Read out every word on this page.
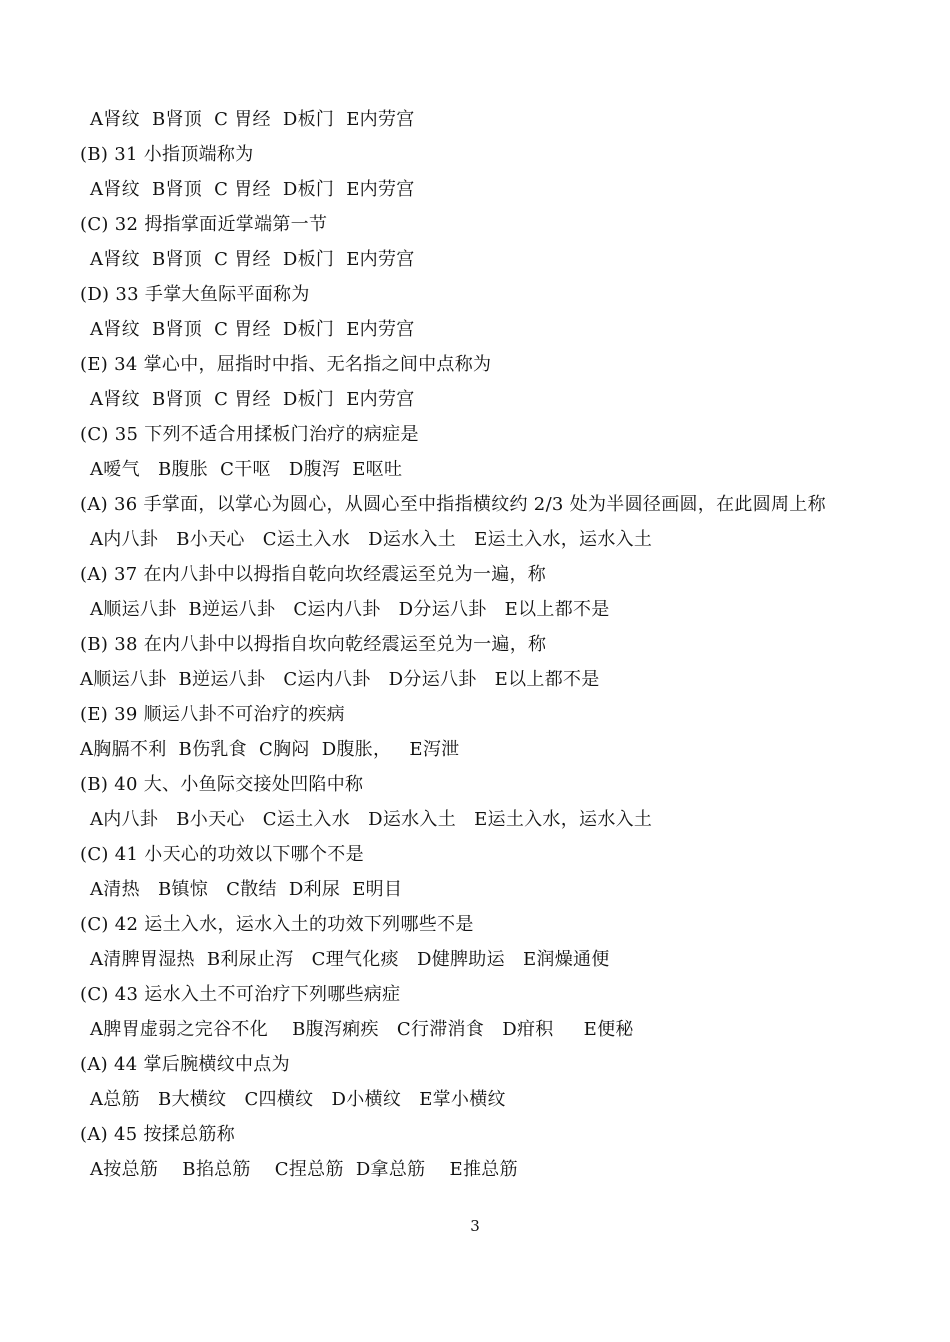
A肾纹  B肾顶  C 胃经  D板门  E内劳宫
(B) 31 小指顶端称为
A肾纹  B肾顶  C 胃经  D板门  E内劳宫
(C) 32 拇指掌面近掌端第一节
A肾纹  B肾顶  C 胃经  D板门  E内劳宫
(D) 33 手掌大鱼际平面称为
A肾纹  B肾顶  C 胃经  D板门  E内劳宫
(E) 34 掌心中，屈指时中指、无名指之间中点称为
A肾纹  B肾顶  C 胃经  D板门  E内劳宫
(C) 35 下列不适合用揉板门治疗的病症是
A嗳气   B腹胀  C干呕   D腹泻  E呕吐
(A) 36 手掌面，以掌心为圆心，从圆心至中指指横纹约 2/3 处为半圆径画圆，在此圆周上称
A内八卦   B小天心   C运土入水   D运水入土   E运土入水，运水入土
(A) 37 在内八卦中以拇指自乾向坎经震运至兑为一遍，称
A顺运八卦  B逆运八卦   C运内八卦   D分运八卦   E以上都不是
(B) 38 在内八卦中以拇指自坎向乾经震运至兑为一遍，称
A顺运八卦  B逆运八卦   C运内八卦   D分运八卦   E以上都不是
(E) 39 顺运八卦不可治疗的疾病
A胸膈不利  B伤乳食  C胸闷  D腹胀，   E泻泄
(B) 40 大、小鱼际交接处凹陷中称
A内八卦   B小天心   C运土入水   D运水入土   E运土入水，运水入土
(C) 41 小天心的功效以下哪个不是
A清热   B镇惊   C散结  D利尿  E明目
(C) 42 运土入水，运水入土的功效下列哪些不是
A清脾胃湿热  B利尿止泻   C理气化痰   D健脾助运   E润燥通便
(C) 43 运水入土不可治疗下列哪些病症
A脾胃虚弱之完谷不化    B腹泻痢疾   C行滞消食   D疳积     E便秘
(A) 44 掌后腕横纹中点为
A总筋   B大横纹   C四横纹   D小横纹   E掌小横纹
(A) 45 按揉总筋称
A按总筋    B掐总筋    C捏总筋  D拿总筋    E推总筋
3
